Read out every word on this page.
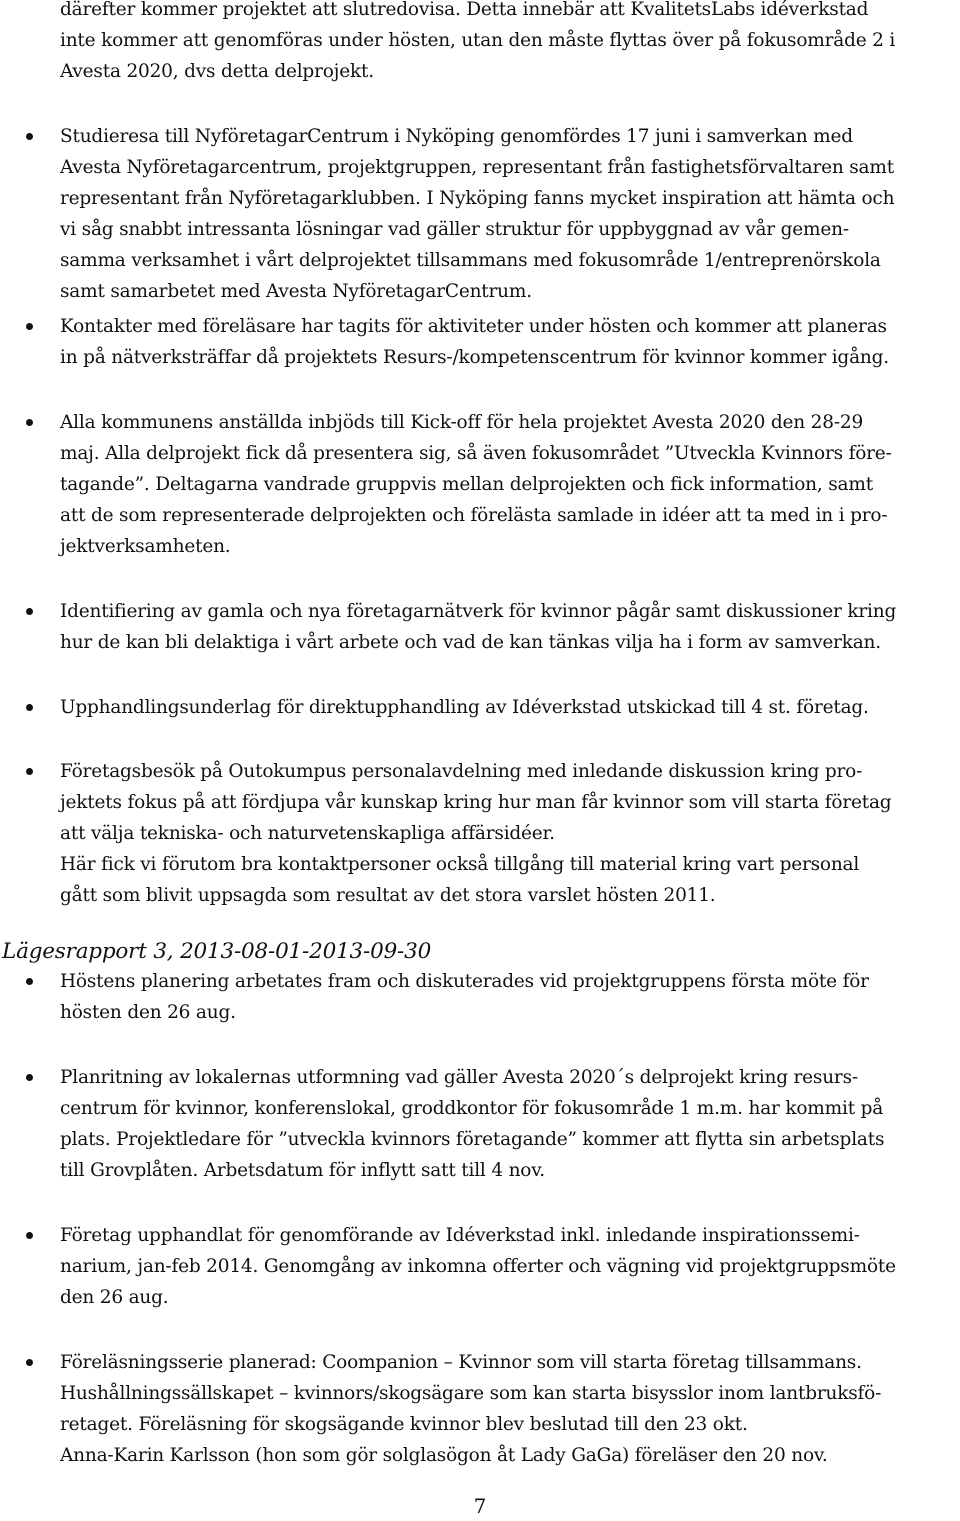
därefter kommer projektet att slutredovisa. Detta innebär att KvalitetsLabs idéverkstad
inte kommer att genomföras under hösten, utan den måste flyttas över på fokusområde 2 i
Avesta 2020, dvs detta delprojekt.
Studieresa till NyföretagarCentrum i Nyköping genomfördes 17 juni i samverkan med
Avesta Nyföretagarcentrum, projektgruppen, representant från fastighetsförvaltaren samt
representant från Nyföretagarklubben. I Nyköping fanns mycket inspiration att hämta och
vi såg snabbt intressanta lösningar vad gäller struktur för uppbyggnad av vår gemen-
samma verksamhet i vårt delprojektet tillsammans med fokusområde 1/entreprenörskola
samt samarbetet med Avesta NyföretagarCentrum.
Kontakter med föreläsare har tagits för aktiviteter under hösten och kommer att planeras
in på nätverksträffar då projektets Resurs-/kompetenscentrum för kvinnor kommer igång.
Alla kommunens anställda inbjöds till Kick-off för hela projektet Avesta 2020 den 28-29
maj. Alla delprojekt fick då presentera sig, så även fokusområdet ”Utveckla Kvinnors före-
tagande”. Deltagarna vandrade gruppvis mellan delprojekten och fick information, samt
att de som representerade delprojekten och förelästa samlade in idéer att ta med in i pro-
jektverksamheten.
Identifiering av gamla och nya företagarnätverk för kvinnor pågår samt diskussioner kring
hur de kan bli delaktiga i vårt arbete och vad de kan tänkas vilja ha i form av samverkan.
Upphandlingsunderlag för direktupphandling av Idéverkstad utskickad till 4 st. företag.
Företagsbesök på Outokumpus personalavdelning med inledande diskussion kring pro-
jektets fokus på att fördjupa vår kunskap kring hur man får kvinnor som vill starta företag
att välja tekniska- och naturvetenskapliga affärsidéer.
Här fick vi förutom bra kontaktpersoner också tillgång till material kring vart personal
gått som blivit uppsagda som resultat av det stora varslet hösten 2011.
Lägesrapport 3, 2013-08-01-2013-09-30
Höstens planering arbetates fram och diskuterades vid projektgruppens första möte för
hösten den 26 aug.
Planritning av lokalernas utformning vad gäller Avesta 2020´s delprojekt kring resurs-
centrum för kvinnor, konferenslokal, groddkontor för fokusområde 1 m.m. har kommit på
plats. Projektledare för ”utveckla kvinnors företagande” kommer att flytta sin arbetsplats
till Grovplåten. Arbetsdatum för inflytt satt till 4 nov.
Företag upphandlat för genomförande av Idéverkstad inkl. inledande inspirationssemi-
narium, jan-feb 2014. Genomgång av inkomna offerter och vägning vid projektgruppsmöte
den 26 aug.
Föreläsningsserie planerad: Coompanion – Kvinnor som vill starta företag tillsammans.
Hushållningssällskapet – kvinnors/skogsägare som kan starta bisysslor inom lantbruksfö-
retaget. Föreläsning för skogsägande kvinnor blev beslutad till den 23 okt.
Anna-Karin Karlsson (hon som gör solglasögon åt Lady GaGa) föreläser den 20 nov.
7
